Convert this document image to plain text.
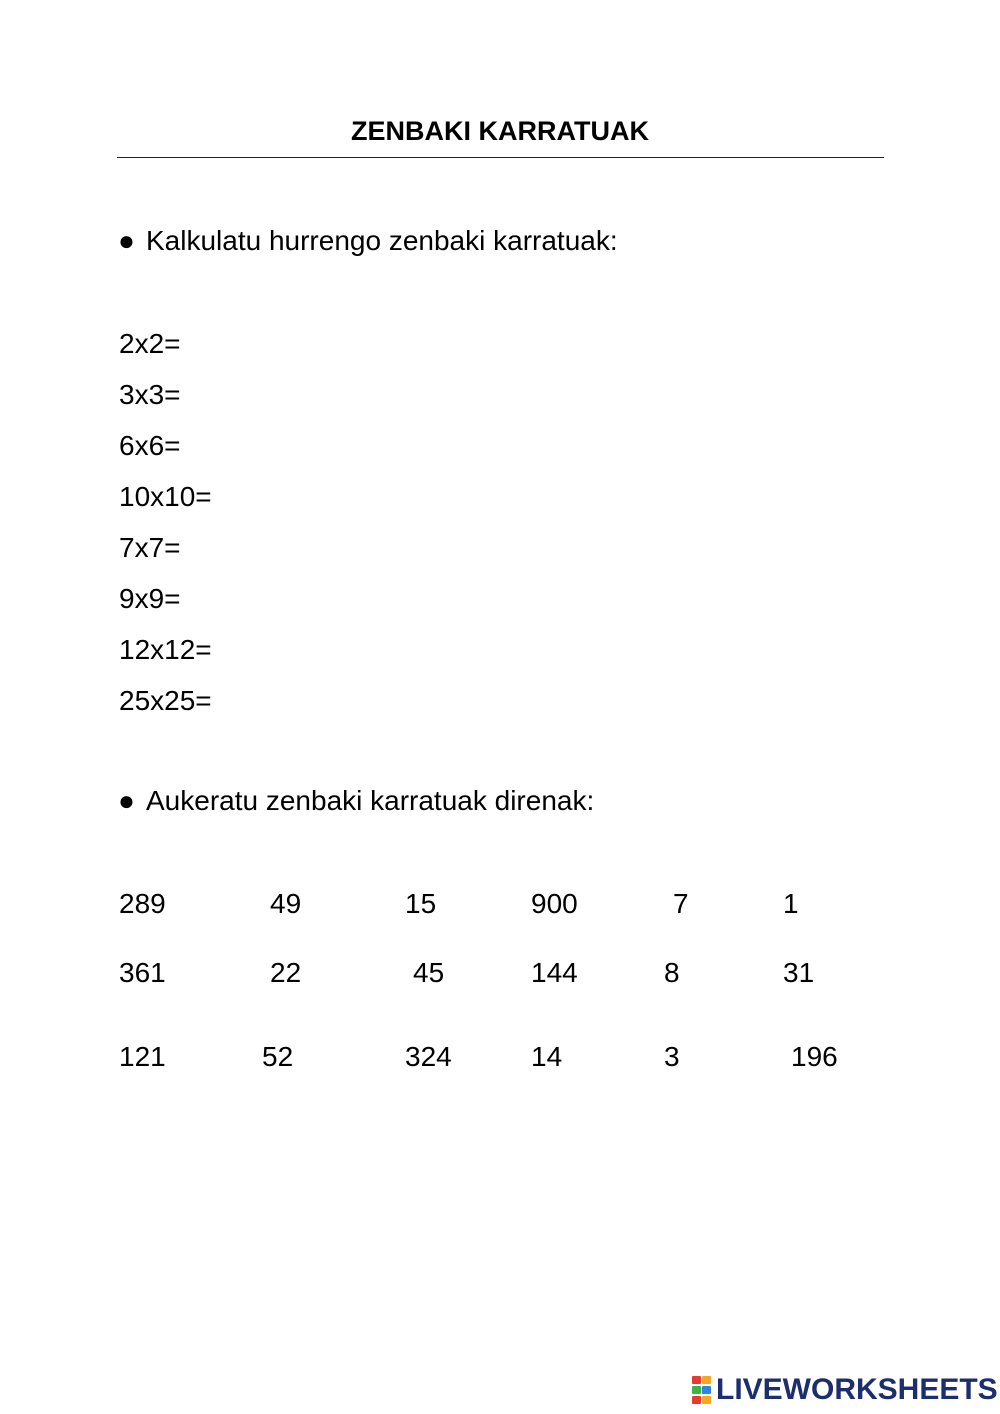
ZENBAKI KARRATUAK
● Kalkulatu hurrengo zenbaki karratuak:
2x2=
3x3=
6x6=
10x10=
7x7=
9x9=
12x12=
25x25=
● Aukeratu zenbaki karratuak direnak:
289	49	15	900	7	1
361	22	45	144	8	31
121	52	324	14	3	196
LIVEWORKSHEETS
